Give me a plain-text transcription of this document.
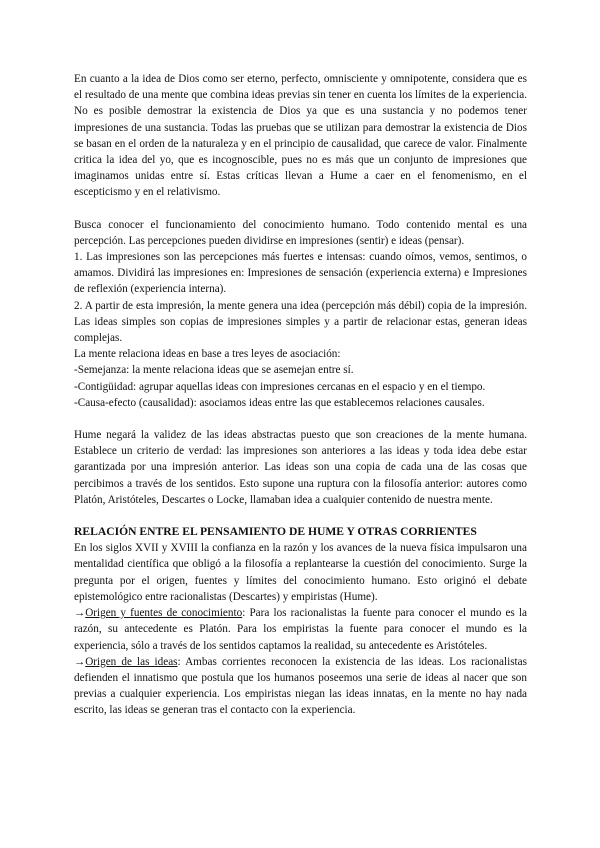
En cuanto a la idea de Dios como ser eterno, perfecto, omnisciente y omnipotente, considera que es el resultado de una mente que combina ideas previas sin tener en cuenta los límites de la experiencia. No es posible demostrar la existencia de Dios ya que es una sustancia y no podemos tener impresiones de una sustancia. Todas las pruebas que se utilizan para demostrar la existencia de Dios se basan en el orden de la naturaleza y en el principio de causalidad, que carece de valor. Finalmente critica la idea del yo, que es incognoscible, pues no es más que un conjunto de impresiones que imaginamos unidas entre sí. Estas críticas llevan a Hume a caer en el fenomenismo, en el escepticismo y en el relativismo.

Busca conocer el funcionamiento del conocimiento humano. Todo contenido mental es una percepción. Las percepciones pueden dividirse en impresiones (sentir) e ideas (pensar).

1. Las impresiones son las percepciones más fuertes e intensas: cuando oímos, vemos, sentimos, o amamos. Dividirá las impresiones en: Impresiones de sensación (experiencia externa) e Impresiones de reflexión (experiencia interna).

2. A partir de esta impresión, la mente genera una idea (percepción más débil) copia de la impresión. Las ideas simples son copias de impresiones simples y a partir de relacionar estas, generan ideas complejas.

La mente relaciona ideas en base a tres leyes de asociación:

-Semejanza: la mente relaciona ideas que se asemejan entre sí.

-Contigüidad: agrupar aquellas ideas con impresiones cercanas en el espacio y en el tiempo.

-Causa-efecto (causalidad): asociamos ideas entre las que establecemos relaciones causales.

Hume negará la validez de las ideas abstractas puesto que son creaciones de la mente humana. Establece un criterio de verdad: las impresiones son anteriores a las ideas y toda idea debe estar garantizada por una impresión anterior. Las ideas son una copia de cada una de las cosas que percibimos a través de los sentidos. Esto supone una ruptura con la filosofía anterior: autores como Platón, Aristóteles, Descartes o Locke, llamaban idea a cualquier contenido de nuestra mente.

RELACIÓN ENTRE EL PENSAMIENTO DE HUME Y OTRAS CORRIENTES

En los siglos XVII y XVIII la confianza en la razón y los avances de la nueva física impulsaron una mentalidad científica que obligó a la filosofía a replantearse la cuestión del conocimiento. Surge la pregunta por el origen, fuentes y límites del conocimiento humano. Esto originó el debate epistemológico entre racionalistas (Descartes) y empiristas (Hume).

→Origen y fuentes de conocimiento: Para los racionalistas la fuente para conocer el mundo es la razón, su antecedente es Platón. Para los empiristas la fuente para conocer el mundo es la experiencia, sólo a través de los sentidos captamos la realidad, su antecedente es Aristóteles.

→Origen de las ideas: Ambas corrientes reconocen la existencia de las ideas. Los racionalistas defienden el innatismo que postula que los humanos poseemos una serie de ideas al nacer que son previas a cualquier experiencia. Los empiristas niegan las ideas innatas, en la mente no hay nada escrito, las ideas se generan tras el contacto con la experiencia.
